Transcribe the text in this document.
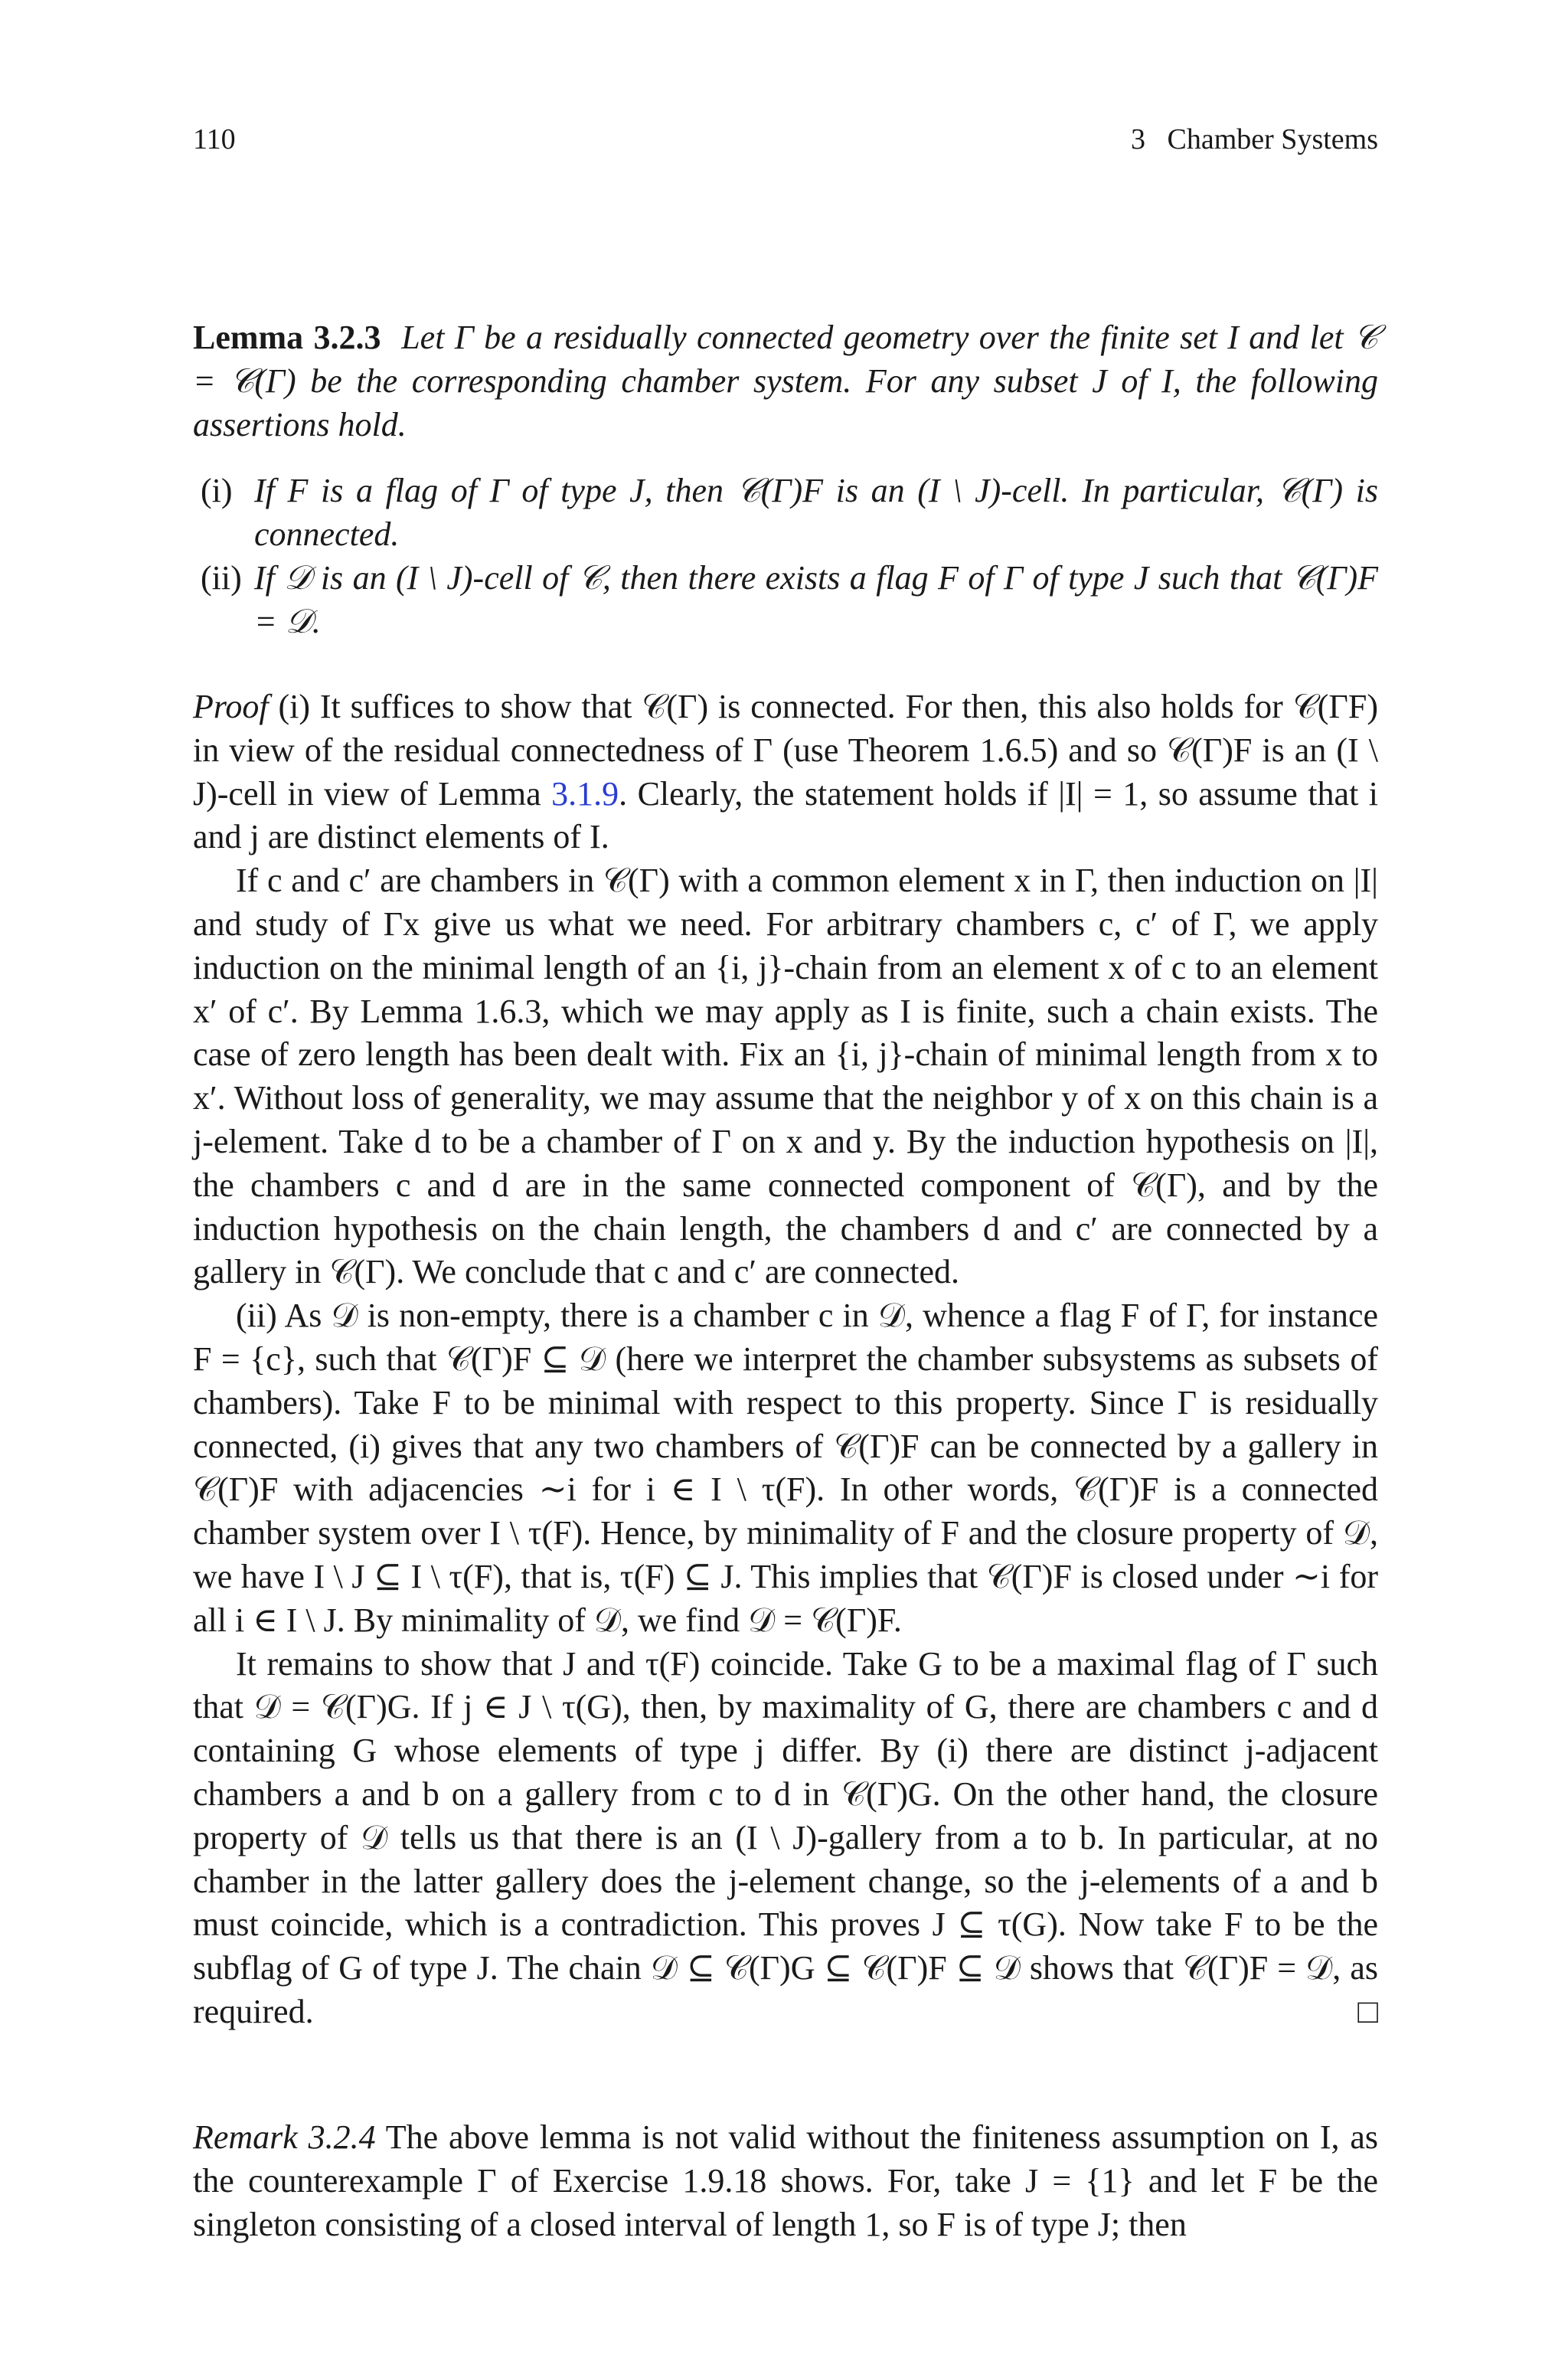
110	3   Chamber Systems
Lemma 3.2.3 Let Γ be a residually connected geometry over the finite set I and let 𝒞 = 𝒞(Γ) be the corresponding chamber system. For any subset J of I, the following assertions hold.
(i) If F is a flag of Γ of type J, then 𝒞(Γ)F is an (I \ J)-cell. In particular, 𝒞(Γ) is connected.
(ii) If 𝒟 is an (I \ J)-cell of 𝒞, then there exists a flag F of Γ of type J such that 𝒞(Γ)F = 𝒟.

Proof (i) It suffices to show that 𝒞(Γ) is connected. For then, this also holds for 𝒞(ΓF) in view of the residual connectedness of Γ (use Theorem 1.6.5) and so 𝒞(Γ)F is an (I \ J)-cell in view of Lemma 3.1.9. Clearly, the statement holds if |I| = 1, so assume that i and j are distinct elements of I.

If c and c′ are chambers in 𝒞(Γ) with a common element x in Γ, then induction on |I| and study of Γx give us what we need. For arbitrary chambers c, c′ of Γ, we apply induction on the minimal length of an {i, j}-chain from an element x of c to an element x′ of c′. By Lemma 1.6.3, which we may apply as I is finite, such a chain exists. The case of zero length has been dealt with. Fix an {i, j}-chain of minimal length from x to x′. Without loss of generality, we may assume that the neighbor y of x on this chain is a j-element. Take d to be a chamber of Γ on x and y. By the induction hypothesis on |I|, the chambers c and d are in the same connected component of 𝒞(Γ), and by the induction hypothesis on the chain length, the chambers d and c′ are connected by a gallery in 𝒞(Γ). We conclude that c and c′ are connected.

(ii) As 𝒟 is non-empty, there is a chamber c in 𝒟, whence a flag F of Γ, for instance F = {c}, such that 𝒞(Γ)F ⊆ 𝒟 (here we interpret the chamber subsystems as subsets of chambers). Take F to be minimal with respect to this property. Since Γ is residually connected, (i) gives that any two chambers of 𝒞(Γ)F can be connected by a gallery in 𝒞(Γ)F with adjacencies ∼i for i ∈ I \ τ(F). In other words, 𝒞(Γ)F is a connected chamber system over I \ τ(F). Hence, by minimality of F and the closure property of 𝒟, we have I \ J ⊆ I \ τ(F), that is, τ(F) ⊆ J. This implies that 𝒞(Γ)F is closed under ∼i for all i ∈ I \ J. By minimality of 𝒟, we find 𝒟 = 𝒞(Γ)F.

It remains to show that J and τ(F) coincide. Take G to be a maximal flag of Γ such that 𝒟 = 𝒞(Γ)G. If j ∈ J \ τ(G), then, by maximality of G, there are chambers c and d containing G whose elements of type j differ. By (i) there are distinct j-adjacent chambers a and b on a gallery from c to d in 𝒞(Γ)G. On the other hand, the closure property of 𝒟 tells us that there is an (I \ J)-gallery from a to b. In particular, at no chamber in the latter gallery does the j-element change, so the j-elements of a and b must coincide, which is a contradiction. This proves J ⊆ τ(G). Now take F to be the subflag of G of type J. The chain 𝒟 ⊆ 𝒞(Γ)G ⊆ 𝒞(Γ)F ⊆ 𝒟 shows that 𝒞(Γ)F = 𝒟, as required.	□

Remark 3.2.4 The above lemma is not valid without the finiteness assumption on I, as the counterexample Γ of Exercise 1.9.18 shows. For, take J = {1} and let F be the singleton consisting of a closed interval of length 1, so F is of type J; then
